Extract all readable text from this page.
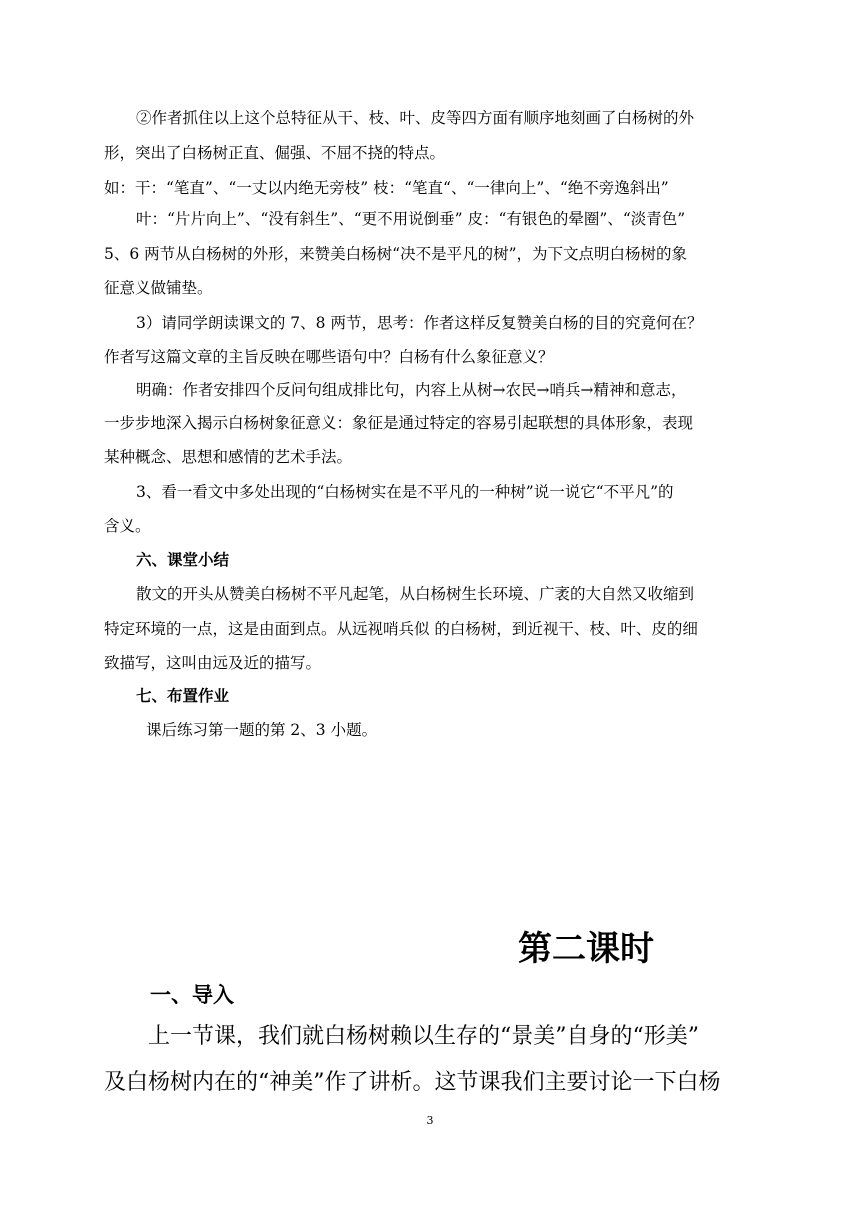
②作者抓住以上这个总特征从干、枝、叶、皮等四方面有顺序地刻画了白杨树的外
形，突出了白杨树正直、倔强、不屈不挠的特点。
如：干：“笔直”、“一丈以内绝无旁枝” 枝：“笔直“、“一律向上”、“绝不旁逸斜出”
叶：“片片向上”、“没有斜生”、“更不用说倒垂” 皮：“有银色的晕圈”、“淡青色”
5、6 两节从白杨树的外形，来赞美白杨树“决不是平凡的树”，为下文点明白杨树的象
征意义做铺垫。
3）请同学朗读课文的 7、8 两节，思考：作者这样反复赞美白杨的目的究竟何在？
作者写这篇文章的主旨反映在哪些语句中？白杨有什么象征意义？
明确：作者安排四个反问句组成排比句，内容上从树→农民→哨兵→精神和意志，
一步步地深入揭示白杨树象征意义：象征是通过特定的容易引起联想的具体形象，表现
某种概念、思想和感情的艺术手法。
3、看一看文中多处出现的“白杨树实在是不平凡的一种树”说一说它“不平凡”的
含义。
六、课堂小结
散文的开头从赞美白杨树不平凡起笔，从白杨树生长环境、广袤的大自然又收缩到
特定环境的一点，这是由面到点。从远视哨兵似 的白杨树，到近视干、枝、叶、皮的细
致描写，这叫由远及近的描写。
七、布置作业
课后练习第一题的第 2、3 小题。
第二课时
一、导入
上一节课，我们就白杨树赖以生存的“景美”自身的“形美”
及白杨树内在的“神美”作了讲析。这节课我们主要讨论一下白杨
3
